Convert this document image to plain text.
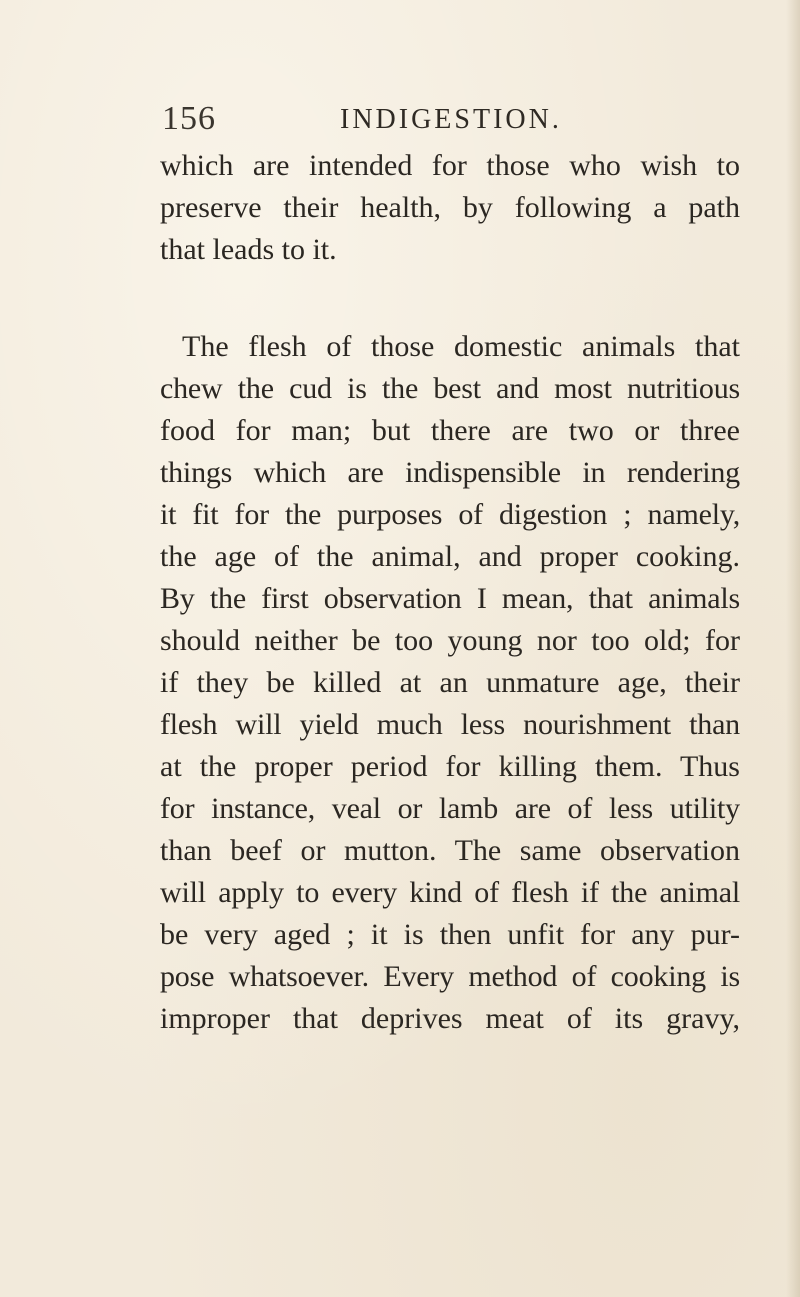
156	INDIGESTION.
which are intended for those who wish to
preserve their health, by following a path
that leads to it.
The flesh of those domestic animals that
chew the cud is the best and most nutritious
food for man; but there are two or three
things which are indispensible in rendering
it fit for the purposes of digestion ; namely,
the age of the animal, and proper cooking.
By the first observation I mean, that animals
should neither be too young nor too old; for
if they be killed at an unmature age, their
flesh will yield much less nourishment than
at the proper period for killing them. Thus
for instance, veal or lamb are of less utility
than beef or mutton. The same observation
will apply to every kind of flesh if the animal
be very aged ; it is then unfit for any pur-
pose whatsoever. Every method of cooking is
improper that deprives meat of its gravy,
